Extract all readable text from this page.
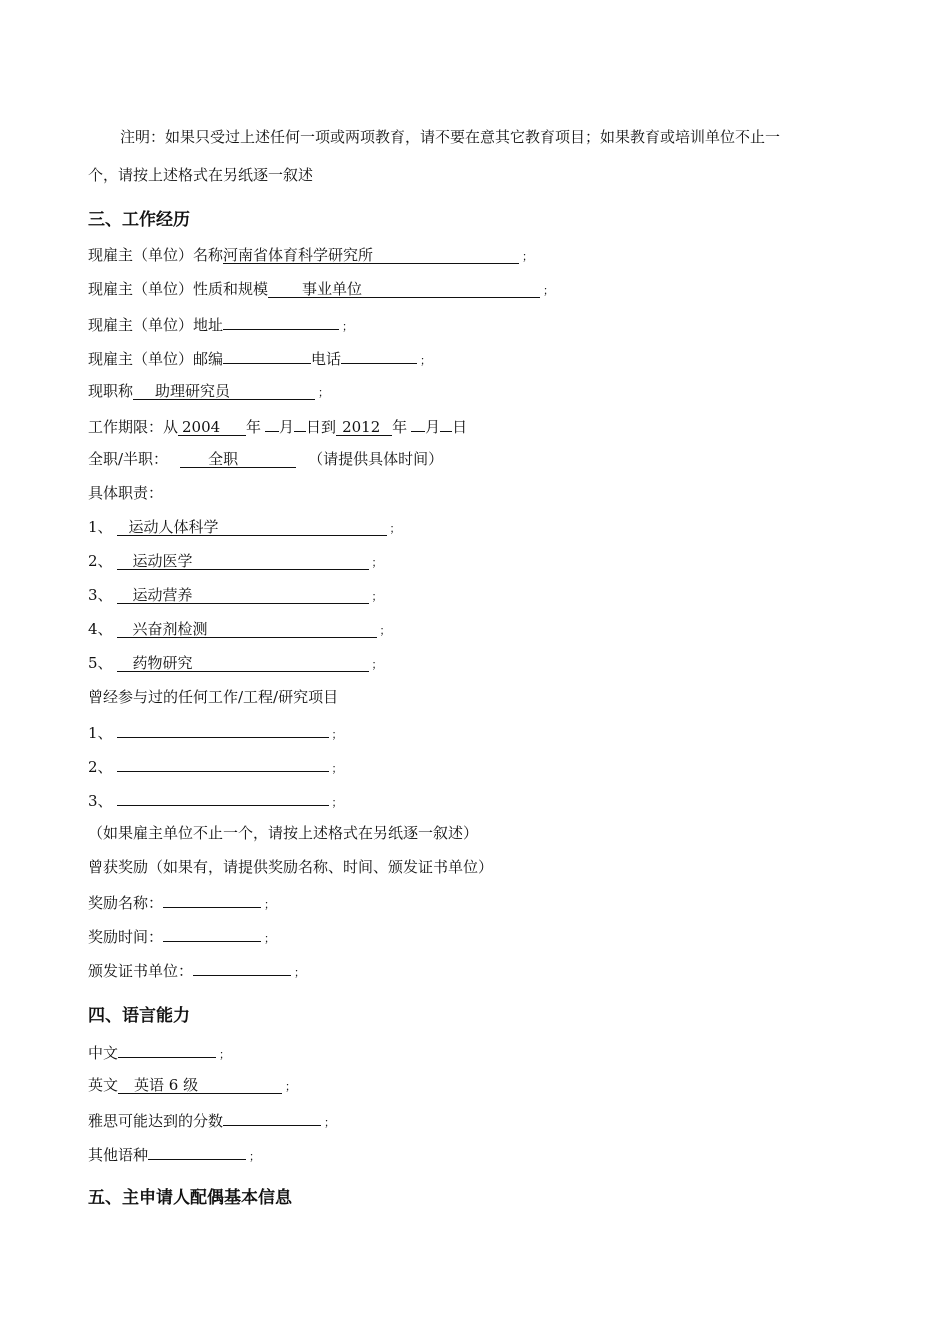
注明：如果只受过上述任何一项或两项教育，请不要在意其它教育项目；如果教育或培训单位不止一
个，请按上述格式在另纸逐一叙述
三、工作经历
现雇主（单位）名称河南省体育科学研究所	；
现雇主（单位）性质和规模 事业单位	；
现雇主（单位）地址	；
现雇主（单位）邮编	电话	；
现职称 助理研究员	；
工作期限：从 2004 年 月 日到 2012 年 月 日
全职/半职：	全职	（请提供具体时间）
具体职责：
1、 运动人体科学	；
2、 运动医学	；
3、 运动营养	；
4、 兴奋剂检测	；
5、 药物研究	；
曾经参与过的任何工作/工程/研究项目
1、	；
2、	；
3、	；
（如果雇主单位不止一个，请按上述格式在另纸逐一叙述）
曾获奖励（如果有，请提供奖励名称、时间、颁发证书单位）
奖励名称：	；
奖励时间：	；
颁发证书单位：	；
四、语言能力
中文	；
英文 英语 6 级	；
雅思可能达到的分数	；
其他语种	；
五、主申请人配偶基本信息
